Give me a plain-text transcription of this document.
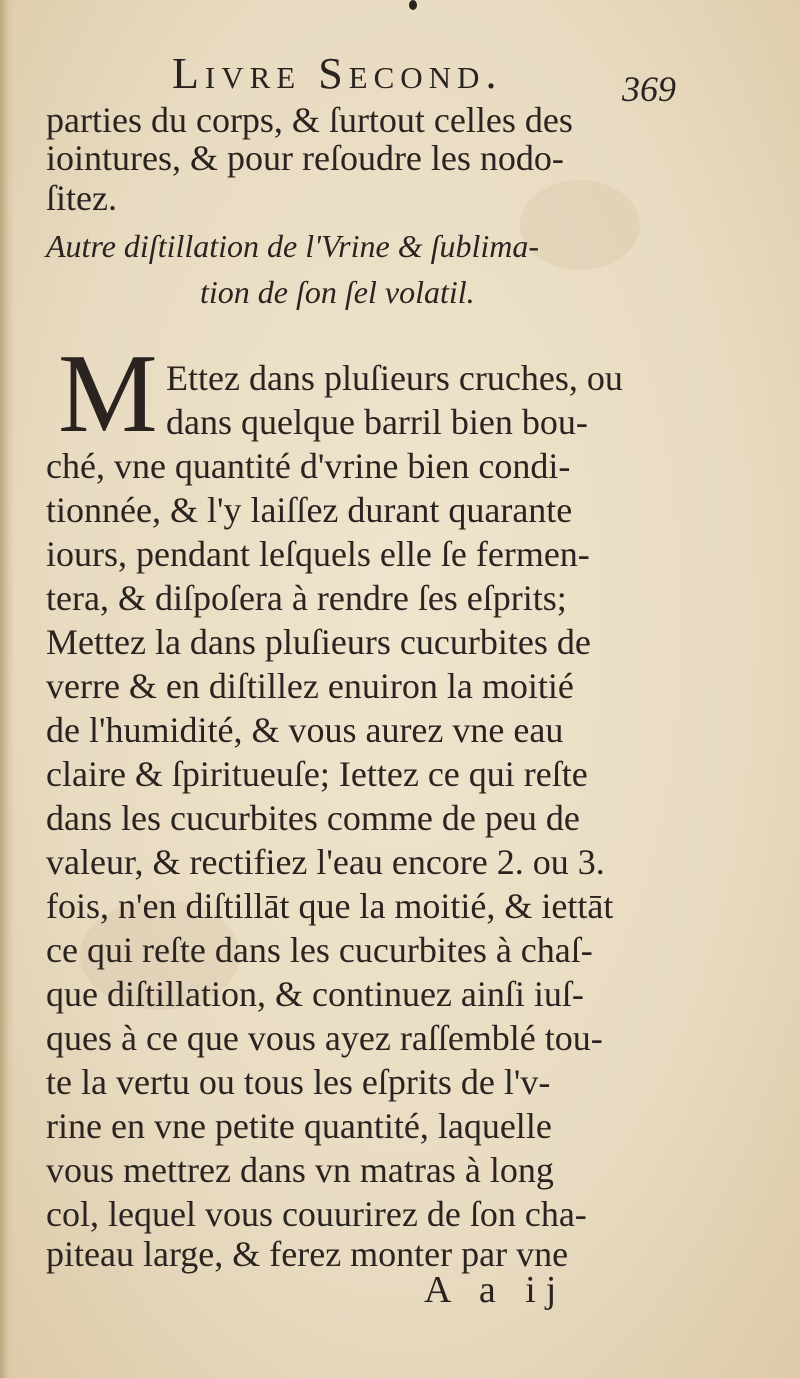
Livre Second.	369
parties du corps, & ſurtout celles des
iointures, & pour reſoudre les nodo-
ſitez.
Autre diſtillation de l'Vrine & ſublima-
tion de ſon ſel volatil.
M Ettez dans pluſieurs cruches, ou
dans quelque barril bien bou-
ché, vne quantité d'vrine bien condi-
tionnée, & l'y laiſſez durant quarante
iours, pendant leſquels elle ſe fermen-
tera, & diſpoſera à rendre ſes eſprits;
Mettez la dans pluſieurs cucurbites de
verre & en diſtillez enuiron la moitié
de l'humidité, & vous aurez vne eau
claire & ſpiritueuſe; Iettez ce qui reſte
dans les cucurbites comme de peu de
valeur, & rectifiez l'eau encore 2. ou 3.
fois, n'en diſtillāt que la moitié, & iettāt
ce qui reſte dans les cucurbites à chaſ-
que diſtillation, & continuez ainſi iuſ-
ques à ce que vous ayez raſſemblé tou-
te la vertu ou tous les eſprits de l'v-
rine en vne petite quantité, laquelle
vous mettrez dans vn matras à long
col, lequel vous couurirez de ſon cha-
piteau large, & ferez monter par vne
A a ij
